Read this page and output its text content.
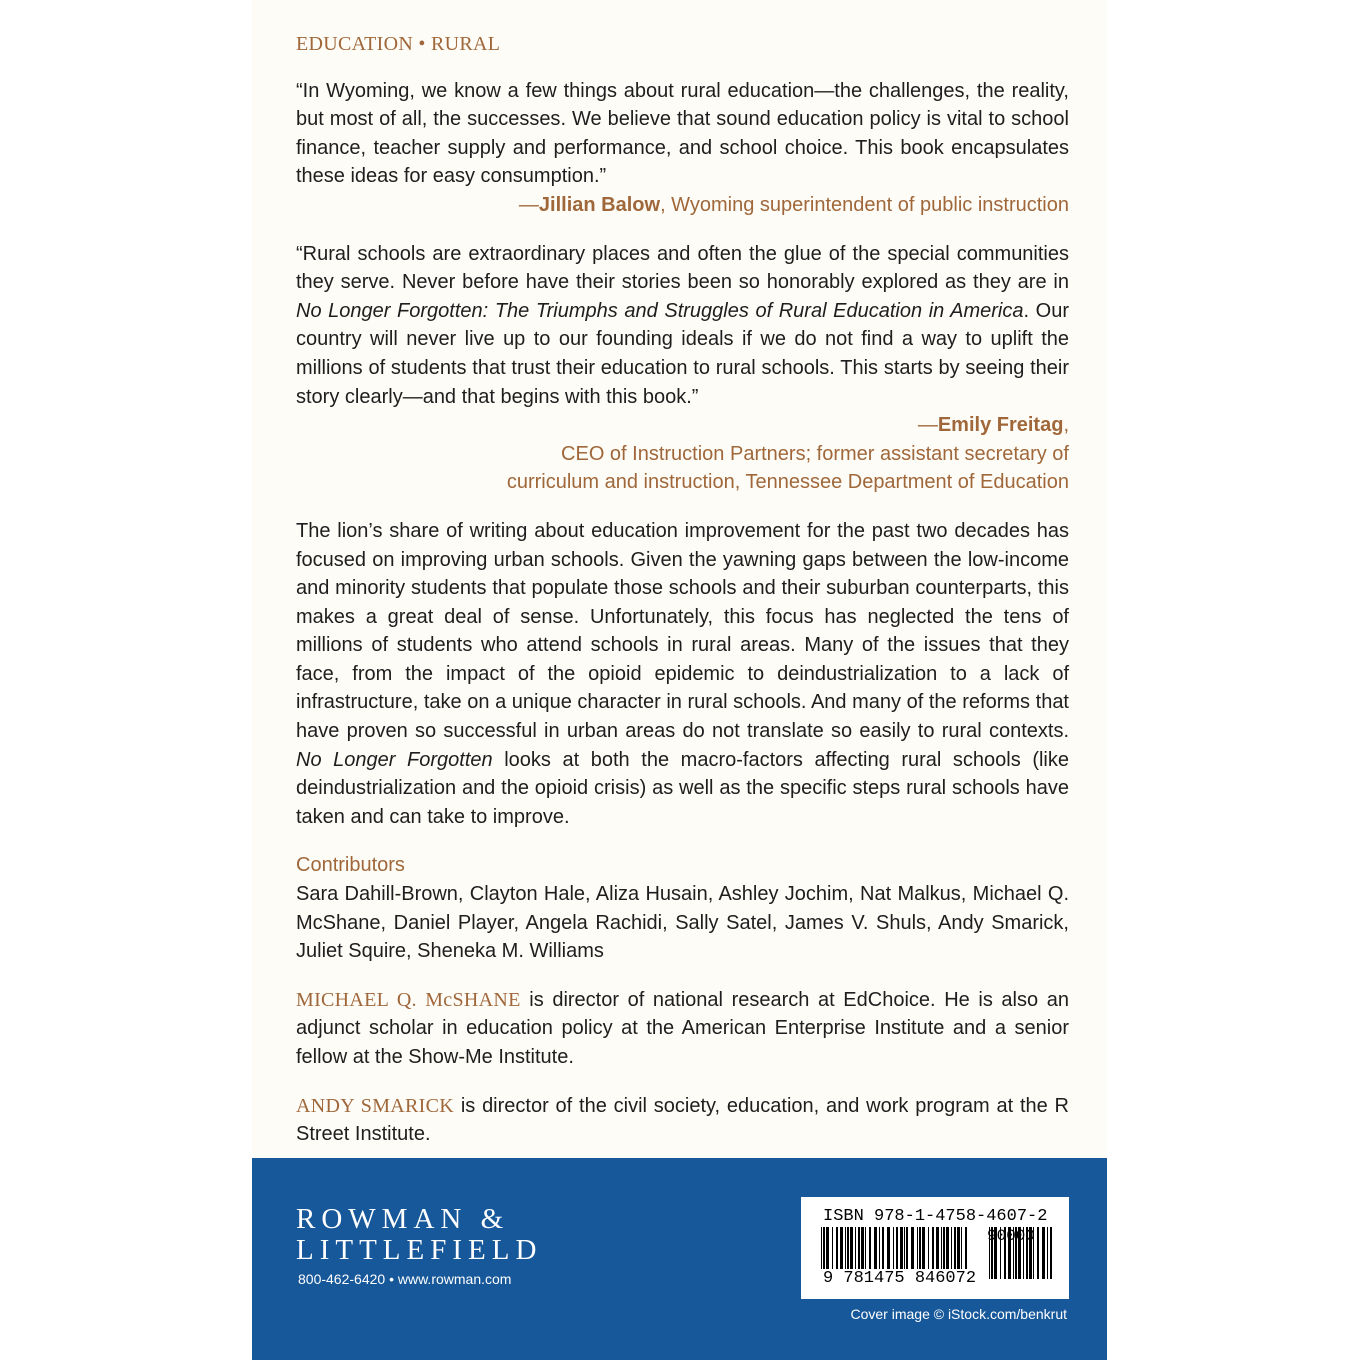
EDUCATION • RURAL

“In Wyoming, we know a few things about rural education—the challenges, the reality, but most of all, the successes. We believe that sound education policy is vital to school finance, teacher supply and performance, and school choice. This book encapsulates these ideas for easy consumption.”

—Jillian Balow, Wyoming superintendent of public instruction

“Rural schools are extraordinary places and often the glue of the special communities they serve. Never before have their stories been so honorably explored as they are in No Longer Forgotten: The Triumphs and Struggles of Rural Education in America. Our country will never live up to our founding ideals if we do not find a way to uplift the millions of students that trust their education to rural schools. This starts by seeing their story clearly—and that begins with this book.”

—Emily Freitag,
CEO of Instruction Partners; former assistant secretary of
curriculum and instruction, Tennessee Department of Education

The lion’s share of writing about education improvement for the past two decades has focused on improving urban schools. Given the yawning gaps between the low-income and minority students that populate those schools and their suburban counterparts, this makes a great deal of sense. Unfortunately, this focus has neglected the tens of millions of students who attend schools in rural areas. Many of the issues that they face, from the impact of the opioid epidemic to deindustrialization to a lack of infrastructure, take on a unique character in rural schools. And many of the reforms that have proven so successful in urban areas do not translate so easily to rural contexts. No Longer Forgotten looks at both the macro-factors affecting rural schools (like deindustrialization and the opioid crisis) as well as the specific steps rural schools have taken and can take to improve.

Contributors

Sara Dahill-Brown, Clayton Hale, Aliza Husain, Ashley Jochim, Nat Malkus, Michael Q. McShane, Daniel Player, Angela Rachidi, Sally Satel, James V. Shuls, Andy Smarick, Juliet Squire, Sheneka M. Williams

MICHAEL Q. McSHANE is director of national research at EdChoice. He is also an adjunct scholar in education policy at the American Enterprise Institute and a senior fellow at the Show-Me Institute.

ANDY SMARICK is director of the civil society, education, and work program at the R Street Institute.

ROWMAN &
LITTLEFIELD
800-462-6420 • www.rowman.com
ISBN 978-1-4758-4607-2
90000
9 781475 846072
Cover image © iStock.com/benkrut
